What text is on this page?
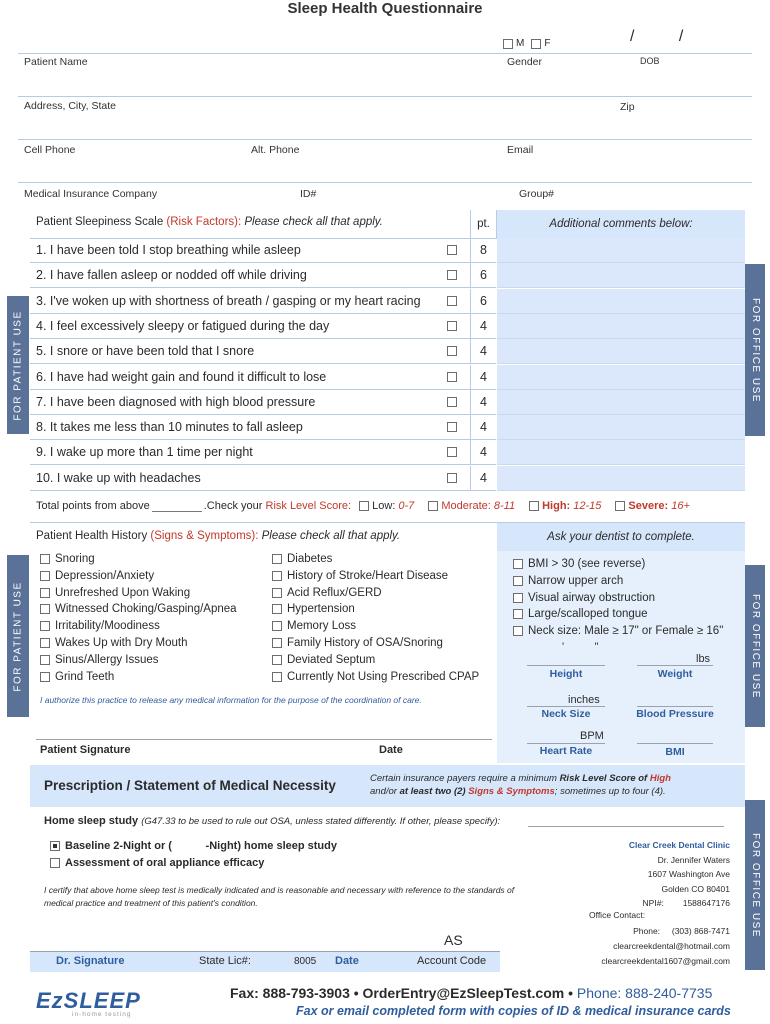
Sleep Health Questionnaire
M F	/          /
Patient Name	Gender	DOB
Address, City, State	Zip
Cell Phone	Alt. Phone	Email
Medical Insurance Company	ID#	Group#
FOR PATIENT USE
FOR PATIENT USE
FOR OFFICE USE
FOR OFFICE USE
FOR OFFICE USE
Patient Sleepiness Scale (Risk Factors): Please check all that apply.	pt.	Additional comments below:
1. I have been told I stop breathing while asleep	8
2. I have fallen asleep or nodded off while driving	6
3. I've woken up with shortness of breath / gasping or my heart racing	6
4. I feel excessively sleepy or fatigued during the day	4
5. I snore or have been told that I snore	4
6. I have had weight gain and found it difficult to lose	4
7. I have been diagnosed with high blood pressure	4
8. It takes me less than 10 minutes to fall asleep	4
9. I wake up more than 1 time per night	4
10. I wake up with headaches	4
Total points from above	.Check your
Risk Level Score: Low:
0-7 Moderate:
8-11 High:
12-15 Severe:
16+
Patient Health History (Signs & Symptoms): Please check all that apply.	Ask your dentist to complete.
Snoring
Depression/Anxiety
Unrefreshed Upon Waking
Witnessed Choking/Gasping/Apnea
Irritability/Moodiness
Wakes Up with Dry Mouth
Sinus/Allergy Issues
Grind Teeth
Diabetes
History of Stroke/Heart Disease
Acid Reflux/GERD
Hypertension
Memory Loss
Family History of OSA/Snoring
Deviated Septum
Currently Not Using Prescribed CPAP
BMI > 30 (see reverse)
Narrow upper arch
Visual airway obstruction
Large/scalloped tongue
Neck size: Male ≥ 17" or Female ≥ 16"
'          "
lbs
Height	Weight
inches
Neck Size	Blood Pressure
BPM
Heart Rate	BMI
I authorize this practice to release any medical information for the purpose of the coordination of care.
Patient Signature	Date
Prescription / Statement of Medical Necessity	Certain insurance payers require a minimum Risk Level Score of High
and/or at least two (2) Signs & Symptoms; sometimes up to four (4).
Home sleep study (G47.33 to be used to rule out OSA, unless stated differently. If other, please specify):
Baseline 2-Night or (           -Night) home sleep study
Assessment of oral appliance efficacy
I certify that above home sleep test is medically indicated and is reasonable and necessary with reference to the standards of medical practice and treatment of this patient's condition.
Clear Creek Dental Clinic
Dr. Jennifer Waters
1607 Washington Ave
Golden CO 80401
NPI#: 1588647176
Office Contact:
Phone: (303) 868-7471
clearcreekdental@hotmail.com
clearcreekdental1607@gmail.com
AS
Dr. Signature	State Lic#:	8005 Date	Account Code
EzSLEEP
in-home testing
Fax: 888-793-3903 • OrderEntry@EzSleepTest.com • Phone: 888-240-7735
Fax or email completed form with copies of ID & medical insurance cards
